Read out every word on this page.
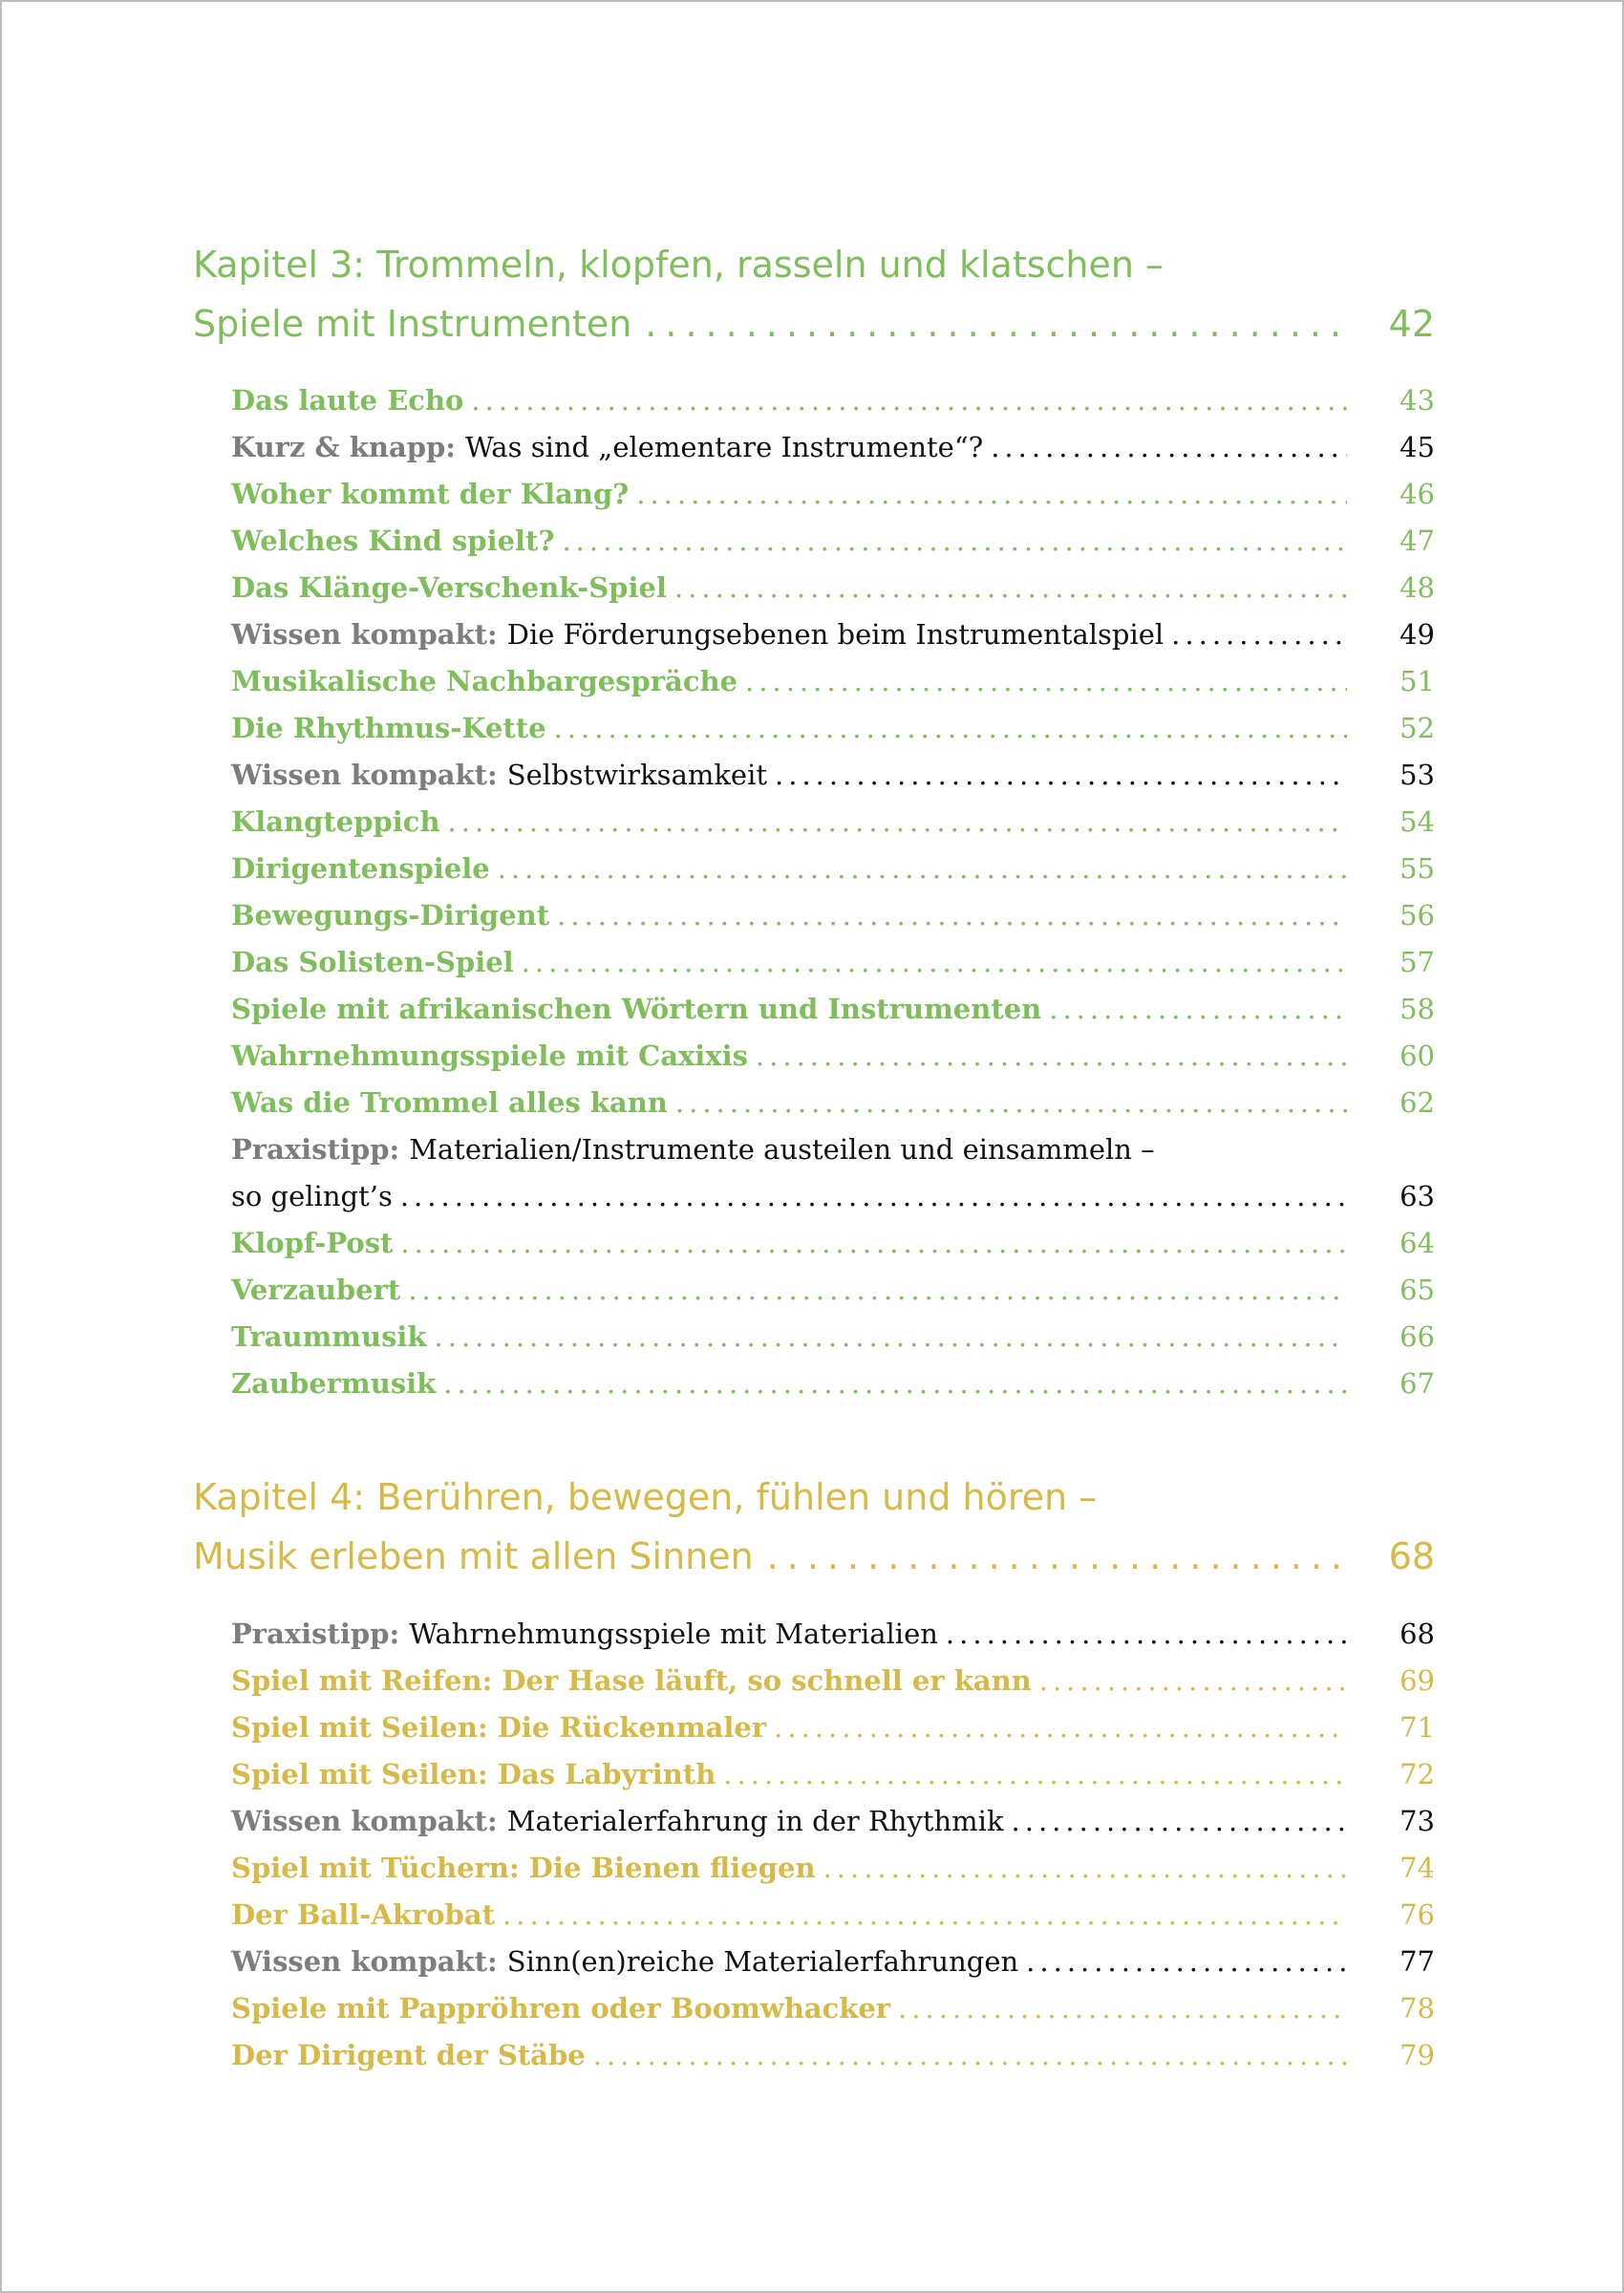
Kapitel 3: Trommeln, klopfen, rasseln und klatschen –
Spiele mit Instrumenten .....	42
Das laute Echo .....	43
Kurz & knapp: Was sind „elementare Instrumente“? .....	45
Woher kommt der Klang? .....	46
Welches Kind spielt? .....	47
Das Klänge-Verschenk-Spiel .....	48
Wissen kompakt: Die Förderungsebenen beim Instrumentalspiel .....	49
Musikalische Nachbargespräche .....	51
Die Rhythmus-Kette .....	52
Wissen kompakt: Selbstwirksamkeit .....	53
Klangteppich .....	54
Dirigentenspiele .....	55
Bewegungs-Dirigent .....	56
Das Solisten-Spiel .....	57
Spiele mit afrikanischen Wörtern und Instrumenten .....	58
Wahrnehmungsspiele mit Caxixis .....	60
Was die Trommel alles kann .....	62
Praxistipp: Materialien/Instrumente austeilen und einsammeln –
so gelingt’s .....	63
Klopf-Post .....	64
Verzaubert .....	65
Traummusik .....	66
Zaubermusik .....	67
Kapitel 4: Berühren, bewegen, fühlen und hören –
Musik erleben mit allen Sinnen .....	68
Praxistipp: Wahrnehmungsspiele mit Materialien .....	68
Spiel mit Reifen: Der Hase läuft, so schnell er kann .....	69
Spiel mit Seilen: Die Rückenmaler .....	71
Spiel mit Seilen: Das Labyrinth .....	72
Wissen kompakt: Materialerfahrung in der Rhythmik .....	73
Spiel mit Tüchern: Die Bienen fliegen .....	74
Der Ball-Akrobat .....	76
Wissen kompakt: Sinn(en)reiche Materialerfahrungen .....	77
Spiele mit Pappröhren oder Boomwhacker .....	78
Der Dirigent der Stäbe .....	79
